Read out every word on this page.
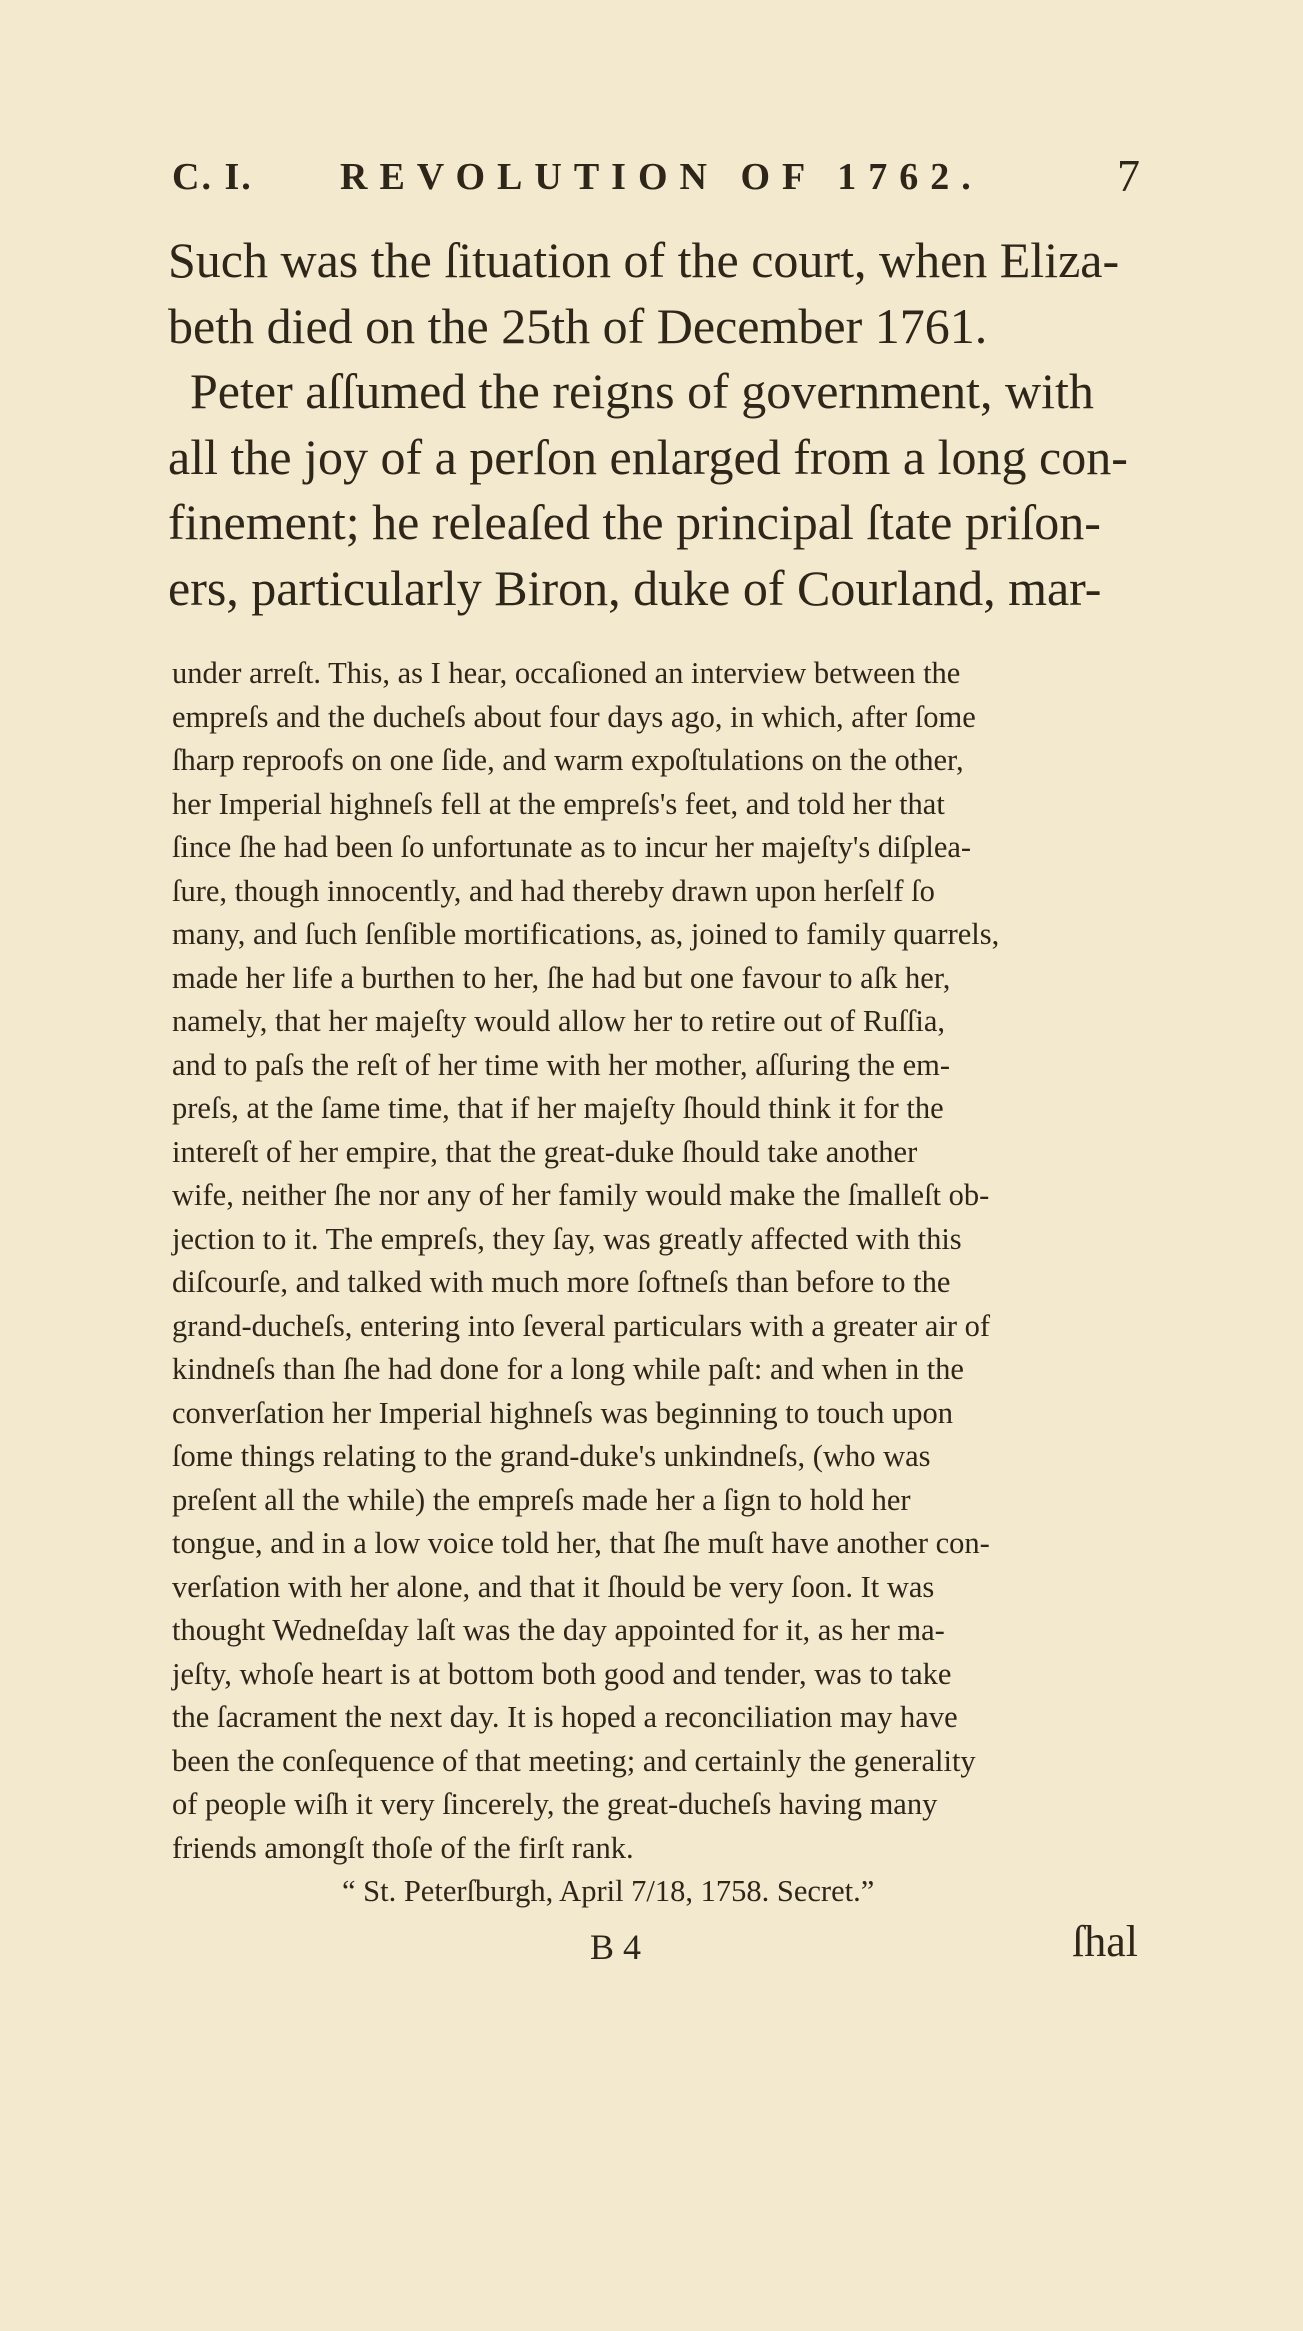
C. I. REVOLUTION OF 1762.	7
Such was the ſituation of the court, when Eliza-
beth died on the 25th of December 1761.
Peter aſſumed the reigns of government, with
all the joy of a perſon enlarged from a long con-
finement; he releaſed the principal ſtate priſon-
ers, particularly Biron, duke of Courland, mar-
under arreſt. This, as I hear, occaſioned an interview between the
empreſs and the ducheſs about four days ago, in which, after ſome
ſharp reproofs on one ſide, and warm expoſtulations on the other,
her Imperial highneſs fell at the empreſs's feet, and told her that
ſince ſhe had been ſo unfortunate as to incur her majeſty's diſplea-
ſure, though innocently, and had thereby drawn upon herſelf ſo
many, and ſuch ſenſible mortifications, as, joined to family quarrels,
made her life a burthen to her, ſhe had but one favour to aſk her,
namely, that her majeſty would allow her to retire out of Ruſſia,
and to paſs the reſt of her time with her mother, aſſuring the em-
preſs, at the ſame time, that if her majeſty ſhould think it for the
intereſt of her empire, that the great-duke ſhould take another
wife, neither ſhe nor any of her family would make the ſmalleſt ob-
jection to it. The empreſs, they ſay, was greatly affected with this
diſcourſe, and talked with much more ſoftneſs than before to the
grand-ducheſs, entering into ſeveral particulars with a greater air of
kindneſs than ſhe had done for a long while paſt: and when in the
converſation her Imperial highneſs was beginning to touch upon
ſome things relating to the grand-duke's unkindneſs, (who was
preſent all the while) the empreſs made her a ſign to hold her
tongue, and in a low voice told her, that ſhe muſt have another con-
verſation with her alone, and that it ſhould be very ſoon. It was
thought Wedneſday laſt was the day appointed for it, as her ma-
jeſty, whoſe heart is at bottom both good and tender, was to take
the ſacrament the next day. It is hoped a reconciliation may have
been the conſequence of that meeting; and certainly the generality
of people wiſh it very ſincerely, the great-ducheſs having many
friends amongſt thoſe of the firſt rank.
“ St. Peterſburgh, April 7/18, 1758. Secret.”
B 4	ſhal
